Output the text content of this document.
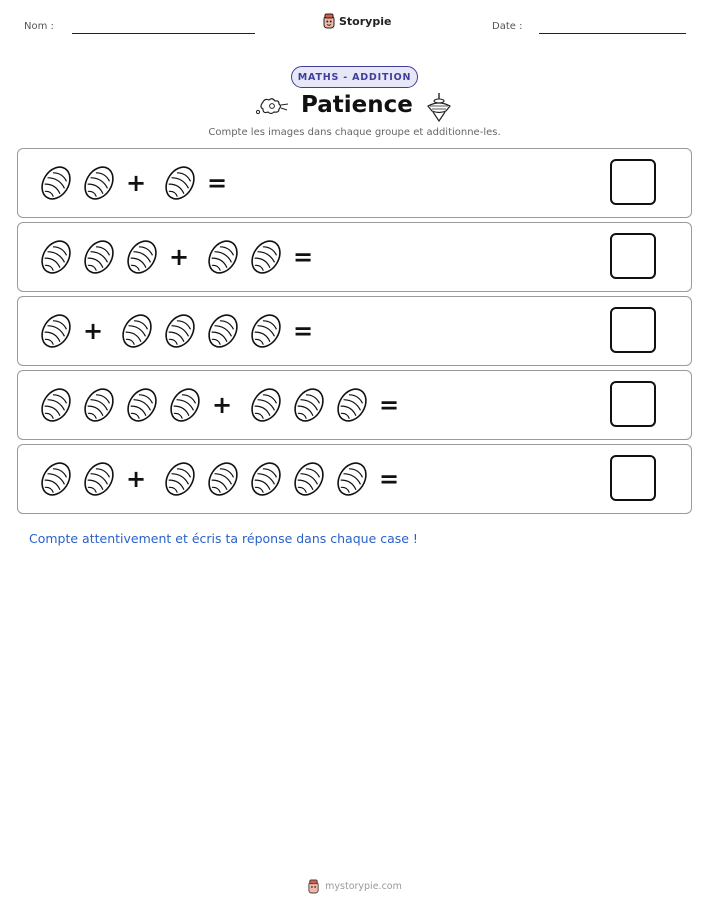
Nom :	Storypie	Date :
MATHS - ADDITION
Patience
Compte les images dans chaque groupe et additionne-les.
+	=
+	=
+	=
+	=
+	=
Compte attentivement et écris ta réponse dans chaque case !
mystorypie.com
